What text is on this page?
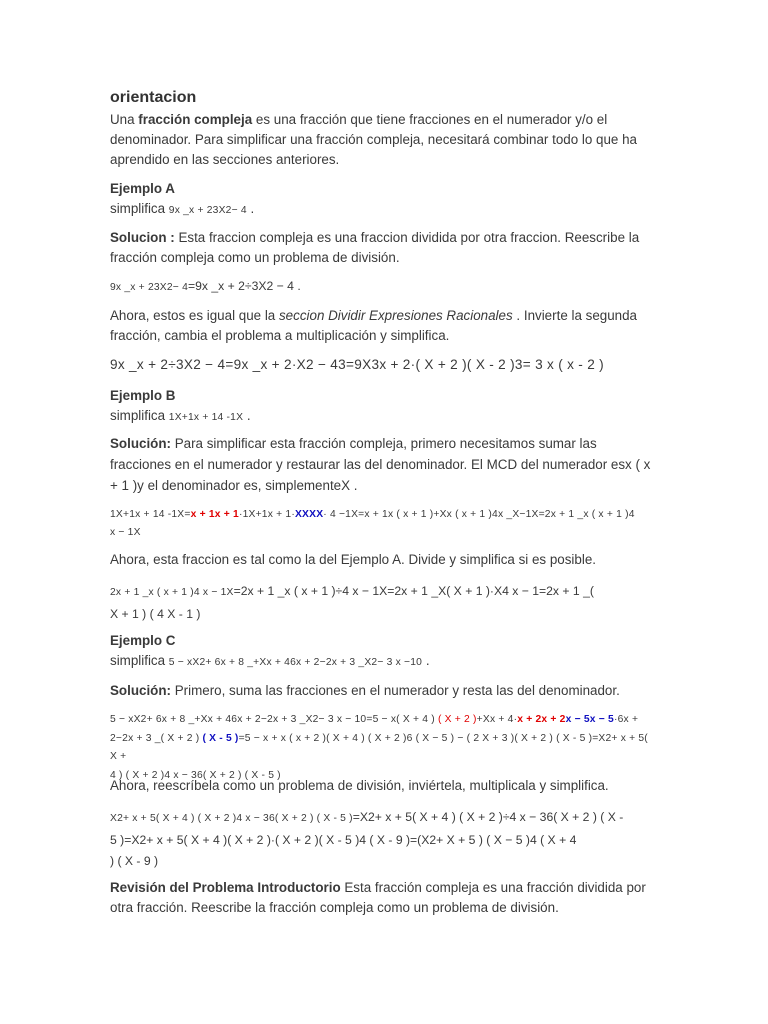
orientacion

Una fracción compleja es una fracción que tiene fracciones en el numerador y/o el denominador. Para simplificar una fracción compleja, necesitará combinar todo lo que ha aprendido en las secciones anteriores.

Ejemplo A

simplifica 9x _x + 23X2− 4 .

Solucion : Esta fraccion compleja es una fraccion dividida por otra fraccion. Reescribe la fracción compleja como un problema de división.

9x _x + 23X2− 4=9x _x + 2÷3X2 − 4 .

Ahora, estos es igual que la seccion Dividir Expresiones Racionales . Invierte la segunda fracción, cambia el problema a multiplicación y simplifica.

9x _x + 2÷3X2 − 4=9x _x + 2·X2 − 43=9X3x + 2·( X + 2 )( X - 2 )3= 3 x ( x - 2 )

Ejemplo B

simplifica 1X+1x + 14 -1X .

Solución: Para simplificar esta fracción compleja, primero necesitamos sumar las fracciones en el numerador y restaurar las del denominador. El MCD del numerador esx ( x + 1 )y el denominador es, simplementeX .

1X+1x + 14 -1X=x + 1x + 1·1X+1x + 1·XXXX· 4 −1X=x + 1x ( x + 1 )+Xx ( x + 1 )4x _X−1X=2x + 1 _x ( x + 1 )4
x − 1X

Ahora, esta fraccion es tal como la del Ejemplo A. Divide y simplifica si es posible.

2x + 1 _x ( x + 1 )4 x − 1X=2x + 1 _x ( x + 1 )÷4 x − 1X=2x + 1 _X( X + 1 )·X4 x − 1=2x + 1 _(
X + 1 ) ( 4 X - 1 )

Ejemplo C

simplifica 5 − xX2+ 6x + 8 _+Xx + 46x + 2−2x + 3 _X2− 3 x −10 .

Solución: Primero, suma las fracciones en el numerador y resta las del denominador.

5 − xX2+ 6x + 8 _+Xx + 46x + 2−2x + 3 _X2− 3 x − 10=5 − x( X + 4 ) ( X + 2 )+Xx + 4·x + 2x + 2x − 5x − 5·6x +
2−2x + 3 _( X + 2 ) ( X - 5 )=5 − x + x ( x + 2 )( X + 4 ) ( X + 2 )6 ( X − 5 ) − ( 2 X + 3 )( X + 2 ) ( X - 5 )=X2+ x + 5( X +
4 ) ( X + 2 )4 x − 36( X + 2 ) ( X - 5 )

Ahora, reescríbela como un problema de división, inviértela, multiplicala y simplifica.

X2+ x + 5( X + 4 ) ( X + 2 )4 x − 36( X + 2 ) ( X - 5 )=X2+ x + 5( X + 4 ) ( X + 2 )÷4 x − 36( X + 2 ) ( X -
5 )=X2+ x + 5( X + 4 )( X + 2 )·( X + 2 )( X - 5 )4 ( X - 9 )=(X2+ X + 5 ) ( X − 5 )4 ( X + 4
) ( X - 9 )

Revisión del Problema Introductorio Esta fracción compleja es una fracción dividida por otra fracción. Reescribe la fracción compleja como un problema de división.
